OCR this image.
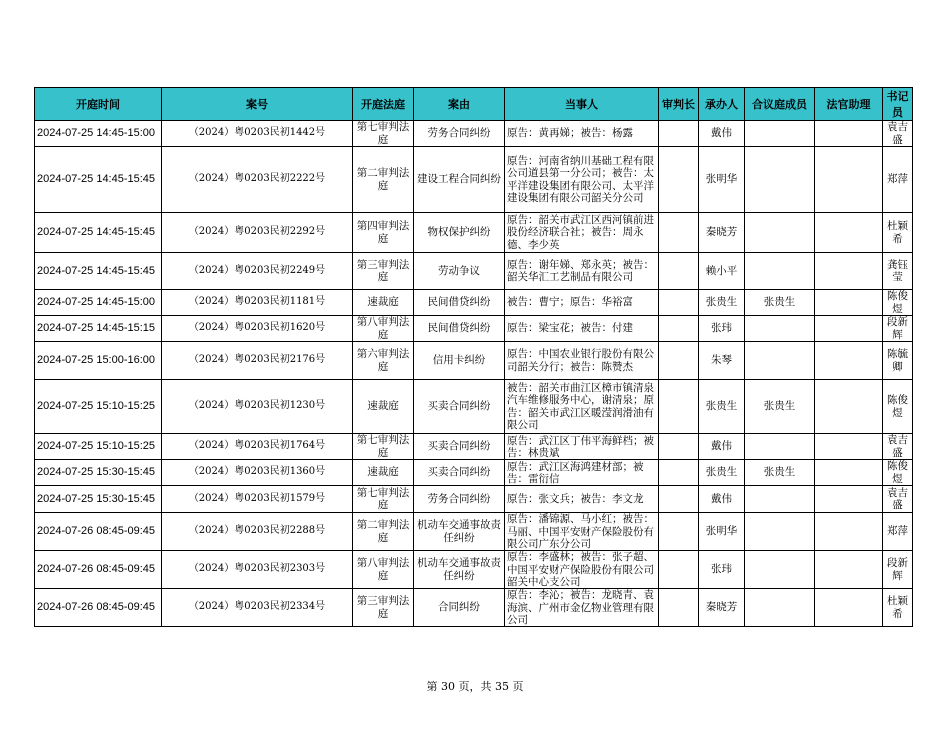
开庭时间	案号	开庭法庭	案由	当事人	审判长	承办人	合议庭成员	法官助理	书记员
2024-07-25 14:45-15:00	（2024）粤0203民初1442号	第七审判法庭	劳务合同纠纷	原告：黄再娣；被告：杨露		戴伟			袁吉盛
2024-07-25 14:45-15:45	（2024）粤0203民初2222号	第二审判法庭	建设工程合同纠纷	原告：河南省纳川基础工程有限公司道县第一分公司；被告：太平洋建设集团有限公司、太平洋建设集团有限公司韶关分公司		张明华			郑萍
2024-07-25 14:45-15:45	（2024）粤0203民初2292号	第四审判法庭	物权保护纠纷	原告：韶关市武江区西河镇前进股份经济联合社；被告：周永德、李少英		秦晓芳			杜颖希
2024-07-25 14:45-15:45	（2024）粤0203民初2249号	第三审判法庭	劳动争议	原告：谢年娣、郑永英；被告：韶关华汇工艺制品有限公司		赖小平			龚钰莹
2024-07-25 14:45-15:00	（2024）粤0203民初1181号	速裁庭	民间借贷纠纷	被告：曹宁；原告：华裕富		张贵生	张贵生		陈俊煜
2024-07-25 14:45-15:15	（2024）粤0203民初1620号	第八审判法庭	民间借贷纠纷	原告：梁宝花；被告：付建		张玮			段新辉
2024-07-25 15:00-16:00	（2024）粤0203民初2176号	第六审判法庭	信用卡纠纷	原告：中国农业银行股份有限公司韶关分行；被告：陈赞杰		朱琴			陈毓卿
2024-07-25 15:10-15:25	（2024）粤0203民初1230号	速裁庭	买卖合同纠纷	被告：韶关市曲江区樟市镇清泉汽车维修服务中心，谢清泉；原告：韶关市武江区暖滢润滑油有限公司		张贵生	张贵生		陈俊煜
2024-07-25 15:10-15:25	（2024）粤0203民初1764号	第七审判法庭	买卖合同纠纷	原告：武江区丁伟平海鲜档；被告：林贵斌		戴伟			袁吉盛
2024-07-25 15:30-15:45	（2024）粤0203民初1360号	速裁庭	买卖合同纠纷	原告：武江区海鸿建材部；被告：雷衍信		张贵生	张贵生		陈俊煜
2024-07-25 15:30-15:45	（2024）粤0203民初1579号	第七审判法庭	劳务合同纠纷	原告：张文兵；被告：李文龙		戴伟			袁吉盛
2024-07-26 08:45-09:45	（2024）粤0203民初2288号	第二审判法庭	机动车交通事故责任纠纷	原告：潘锦源、马小红；被告：马丽、中国平安财产保险股份有限公司广东分公司		张明华			郑萍
2024-07-26 08:45-09:45	（2024）粤0203民初2303号	第八审判法庭	机动车交通事故责任纠纷	原告：李盛林；被告：张子超、中国平安财产保险股份有限公司韶关中心支公司		张玮			段新辉
2024-07-26 08:45-09:45	（2024）粤0203民初2334号	第三审判法庭	合同纠纷	原告：李沁；被告：龙晓青、袁海滨、广州市金亿物业管理有限公司		秦晓芳			杜颖希
第 30 页，共 35 页
